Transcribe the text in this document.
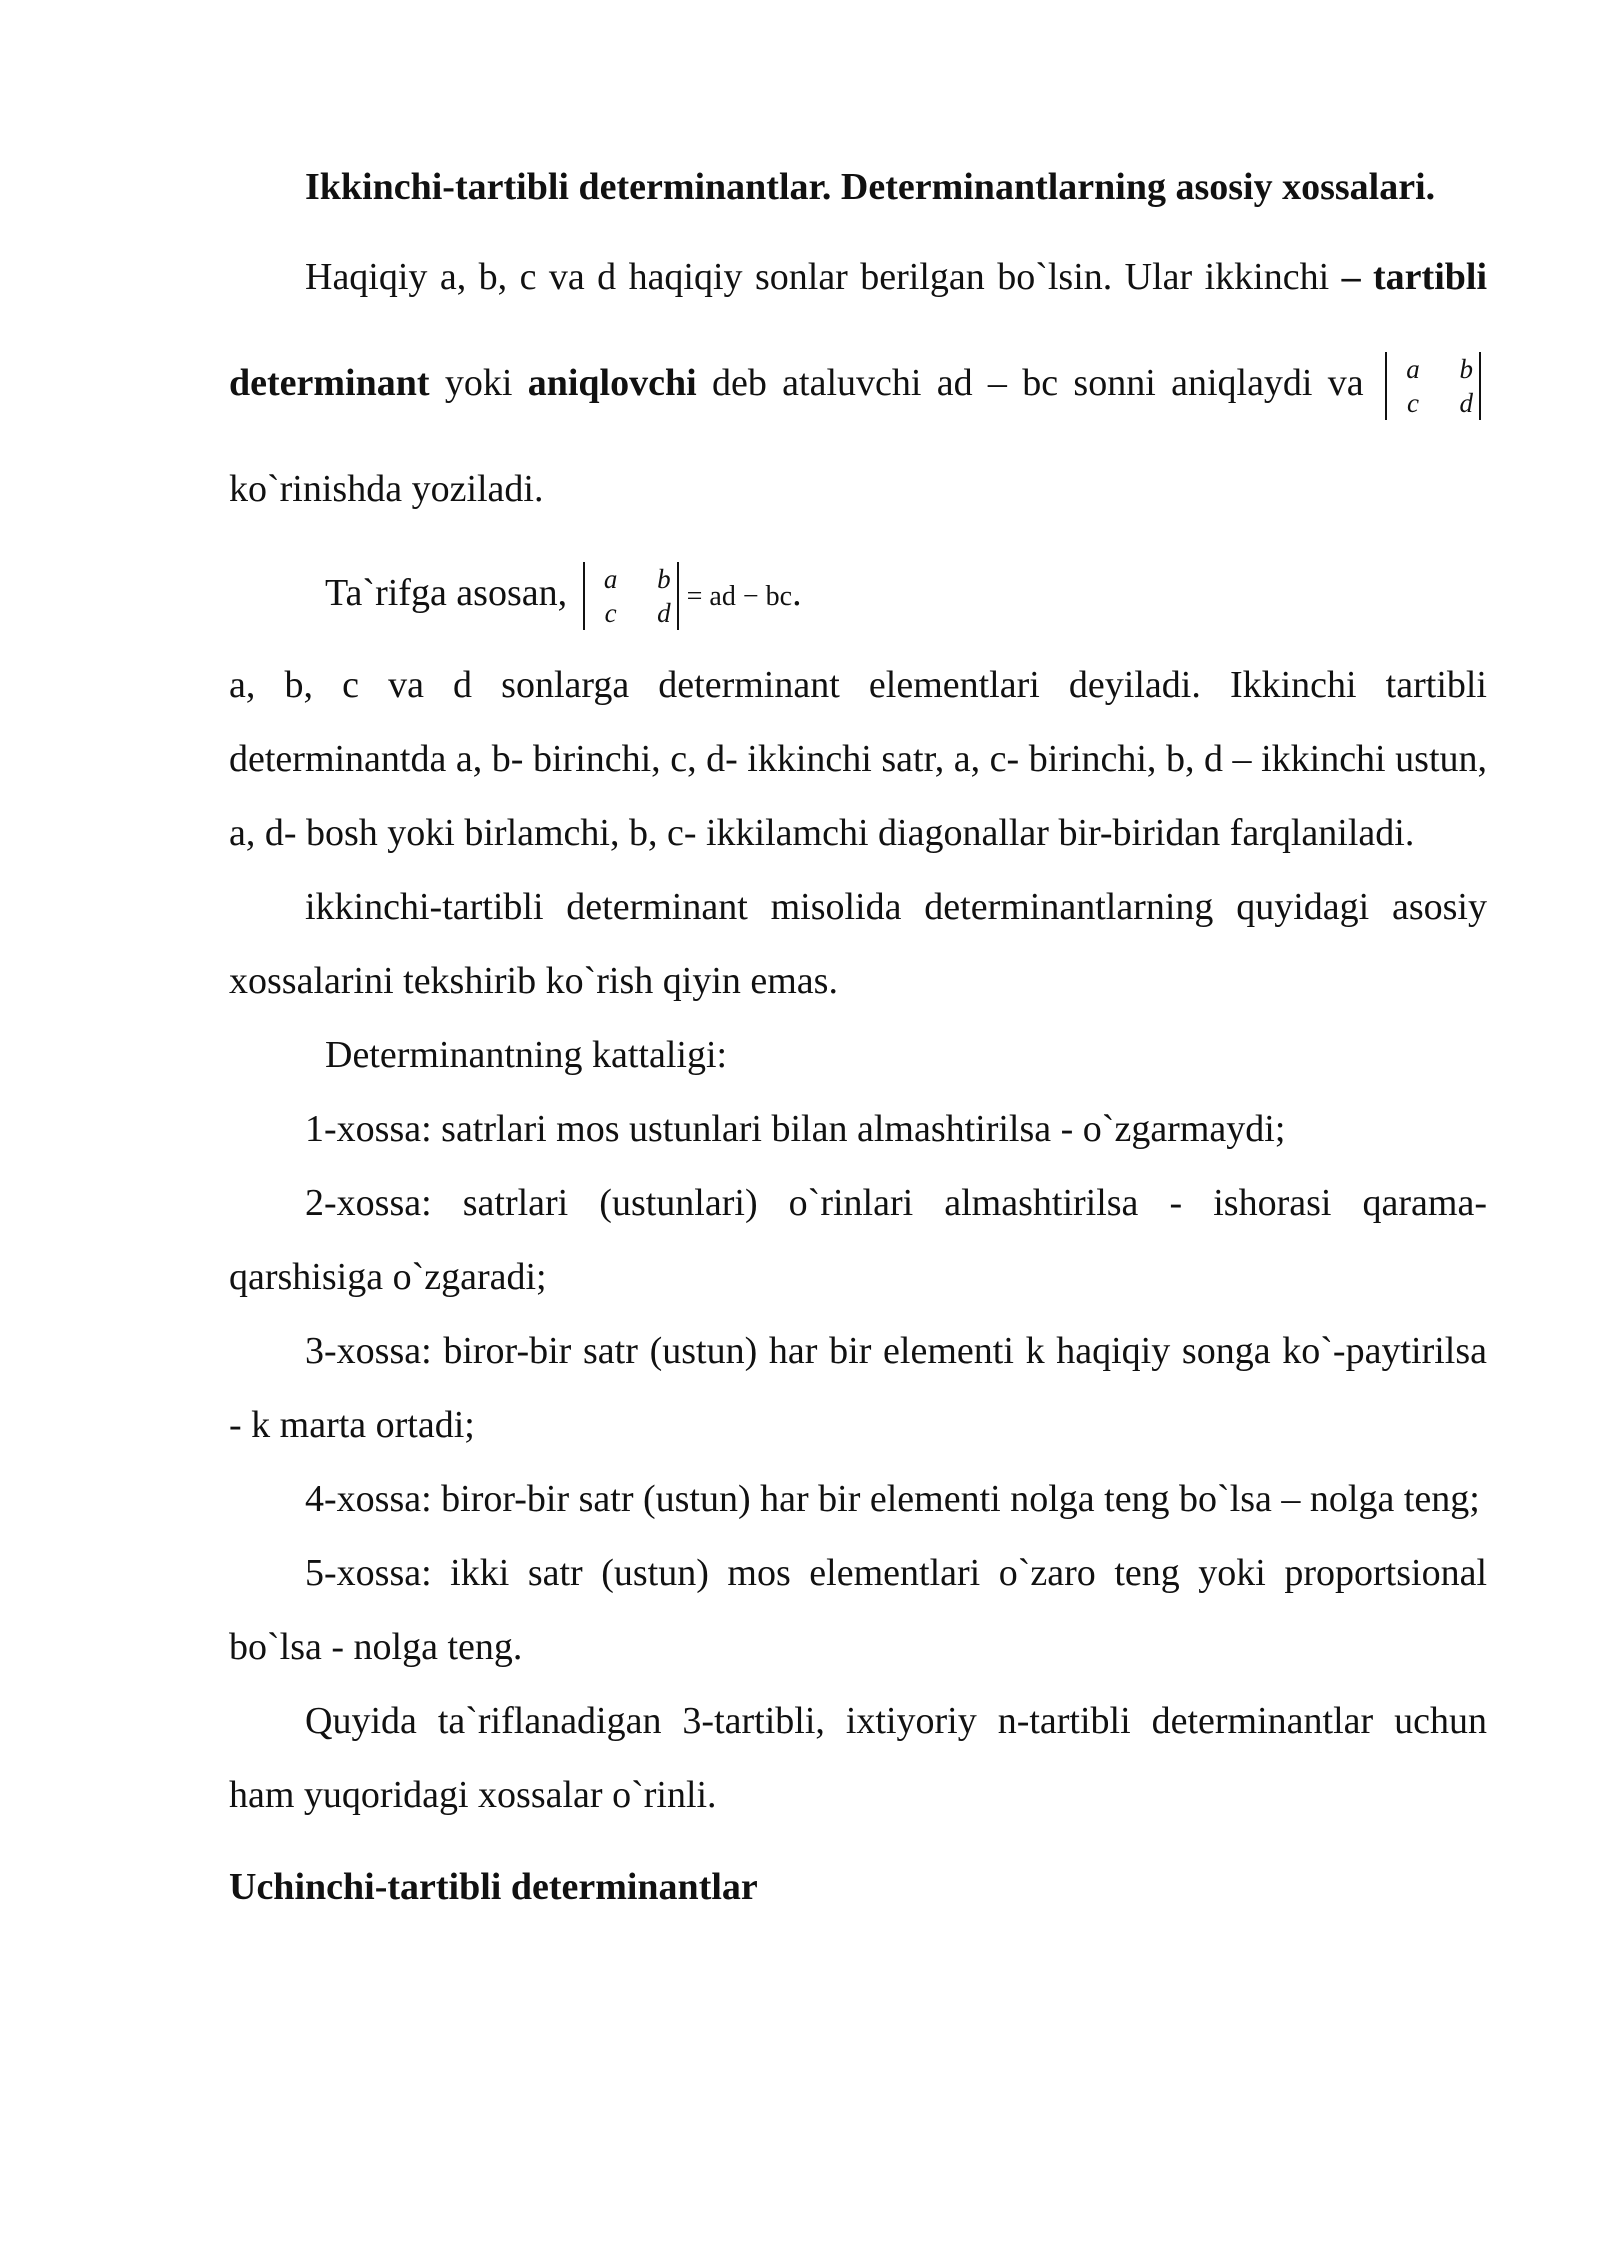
Ikkinchi-tartibli determinantlar. Determinantlarning asosiy xossalari.

Haqiqiy a, b, c va d haqiqiy sonlar berilgan bo`lsin. Ular ikkinchi – tartibli determinant yoki aniqlovchi deb ataluvchi ad – bc sonni aniqlaydi va a b
c d ko`rinishda yoziladi.

Ta`rifga asosan, a b
c d= ad − bc.

a, b, c va d sonlarga determinant elementlari deyiladi. Ikkinchi tartibli determinantda a, b- birinchi, c, d- ikkinchi satr, a, c- birinchi, b, d – ikkinchi ustun, a, d- bosh yoki birlamchi, b, c- ikkilamchi diagonallar bir-biridan farqlaniladi.

ikkinchi-tartibli determinant misolida determinantlarning quyidagi asosiy xossalarini tekshirib ko`rish qiyin emas.

Determinantning kattaligi:

1-xossa: satrlari mos ustunlari bilan almashtirilsa - o`zgarmaydi;

2-xossa: satrlari (ustunlari) o`rinlari almashtirilsa - ishorasi qarama-qarshisiga o`zgaradi;

3-xossa: biror-bir satr (ustun) har bir elementi k haqiqiy songa ko`-paytirilsa - k marta ortadi;

4-xossa: biror-bir satr (ustun) har bir elementi nolga teng bo`lsa – nolga teng;

5-xossa: ikki satr (ustun) mos elementlari o`zaro teng yoki proportsional bo`lsa - nolga teng.

Quyida ta`riflanadigan 3-tartibli, ixtiyoriy n-tartibli determinantlar uchun ham yuqoridagi xossalar o`rinli.

Uchinchi-tartibli determinantlar
